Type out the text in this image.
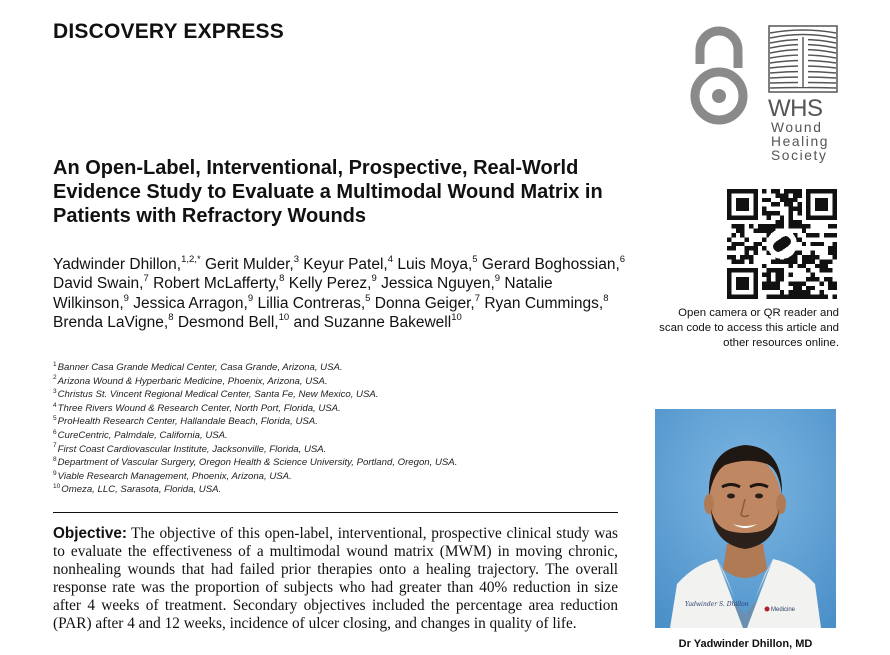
DISCOVERY EXPRESS
WHS
Wound
Healing
Society
An Open-Label, Interventional, Prospective, Real-World Evidence Study to Evaluate a Multimodal Wound Matrix in Patients with Refractory Wounds

Yadwinder Dhillon,$^{1,2,*}$ Gerit Mulder,$^3$ Keyur Patel,$^4$ Luis Moya,$^5$ Gerard Boghossian,$^6$ David Swain,$^7$ Robert McLafferty,$^8$ Kelly Perez,$^9$ Jessica Nguyen,$^9$ Natalie Wilkinson,$^9$ Jessica Arragon,$^9$ Lillia Contreras,$^5$ Donna Geiger,$^7$ Ryan Cummings,$^8$ Brenda LaVigne,$^8$ Desmond Bell,$^{10}$ and Suzanne Bakewell$^{10}$

$^1$Banner Casa Grande Medical Center, Casa Grande, Arizona, USA.
$^2$Arizona Wound & Hyperbaric Medicine, Phoenix, Arizona, USA.
$^3$Christus St. Vincent Regional Medical Center, Santa Fe, New Mexico, USA.
$^4$Three Rivers Wound & Research Center, North Port, Florida, USA.
$^5$ProHealth Research Center, Hallandale Beach, Florida, USA.
$^6$CureCentric, Palmdale, California, USA.
$^7$First Coast Cardiovascular Institute, Jacksonville, Florida, USA.
$^8$Department of Vascular Surgery, Oregon Health & Science University, Portland, Oregon, USA.
$^9$Viable Research Management, Phoenix, Arizona, USA.
$^{10}$Omeza, LLC, Sarasota, Florida, USA.

Objective: The objective of this open-label, interventional, prospective clinical study was to evaluate the effectiveness of a multimodal wound matrix (MWM) in moving chronic, nonhealing wounds that had failed prior therapies onto a healing trajectory. The overall response rate was the proportion of subjects who had greater than 40% reduction in size after 4 weeks of treatment. Secondary objectives included the percentage area reduction (PAR) after 4 and 12 weeks, incidence of ulcer closing, and changes in quality of life.

Open camera or QR reader and scan code to access this article and other resources online.

Yadwinder S. Dhillon
Medicine

Dr Yadwinder Dhillon, MD
